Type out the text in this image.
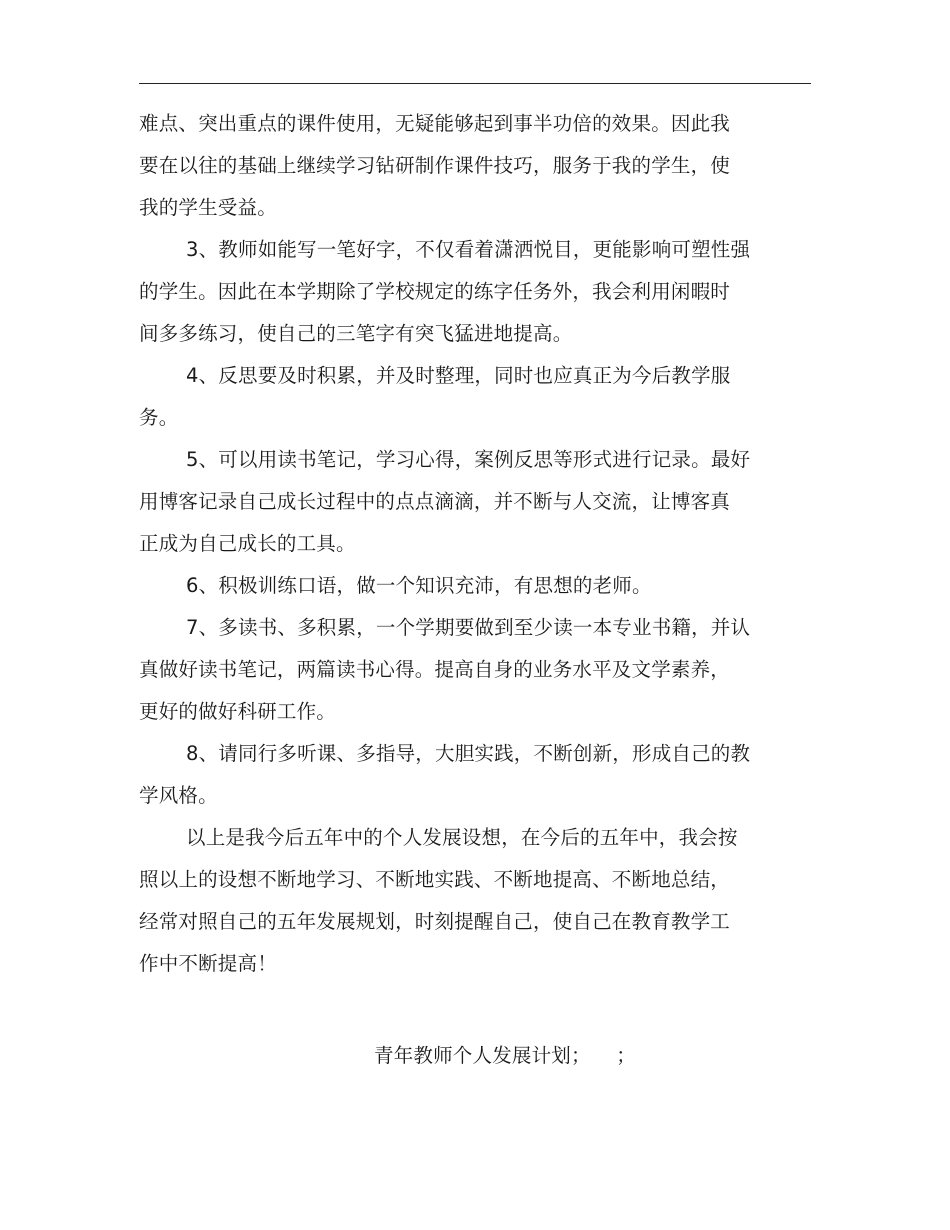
难点、突出重点的课件使用，无疑能够起到事半功倍的效果。因此我
要在以往的基础上继续学习钻研制作课件技巧，服务于我的学生，使
我的学生受益。
3、教师如能写一笔好字，不仅看着潇洒悦目，更能影响可塑性强
的学生。因此在本学期除了学校规定的练字任务外，我会利用闲暇时
间多多练习，使自己的三笔字有突飞猛进地提高。
4、反思要及时积累，并及时整理，同时也应真正为今后教学服
务。
5、可以用读书笔记，学习心得，案例反思等形式进行记录。最好
用博客记录自己成长过程中的点点滴滴，并不断与人交流，让博客真
正成为自己成长的工具。
6、积极训练口语，做一个知识充沛，有思想的老师。
7、多读书、多积累，一个学期要做到至少读一本专业书籍，并认
真做好读书笔记，两篇读书心得。提高自身的业务水平及文学素养，
更好的做好科研工作。
8、请同行多听课、多指导，大胆实践，不断创新，形成自己的教
学风格。
以上是我今后五年中的个人发展设想，在今后的五年中，我会按
照以上的设想不断地学习、不断地实践、不断地提高、不断地总结，
经常对照自己的五年发展规划，时刻提醒自己，使自己在教育教学工
作中不断提高！
青年教师个人发展计划；    ；
